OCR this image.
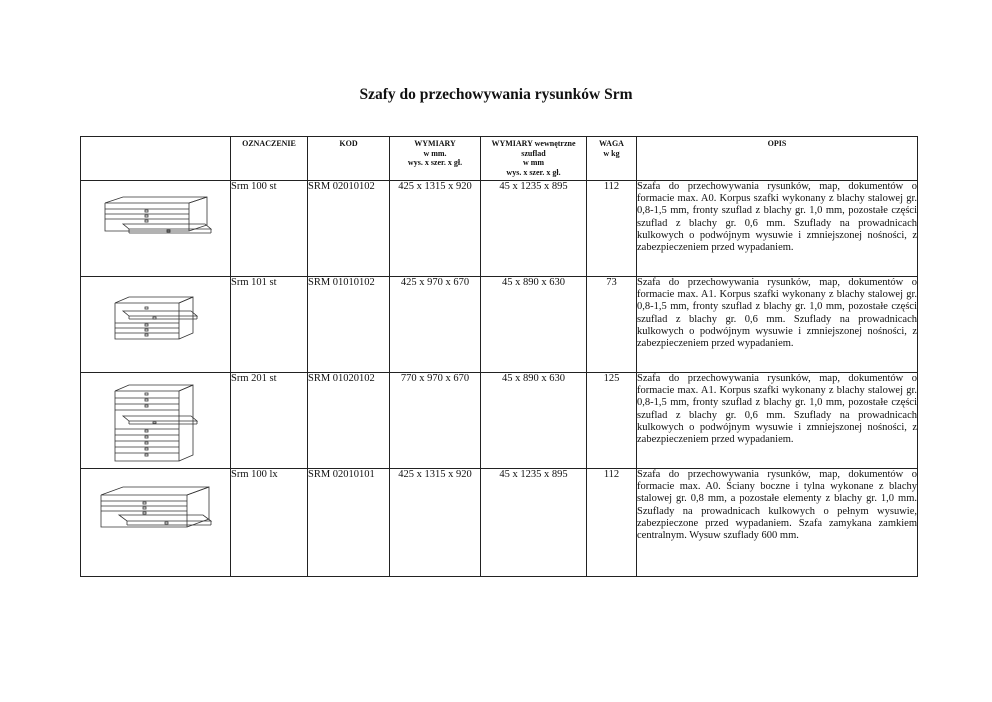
Szafy do przechowywania rysunków Srm
	OZNACZENIE	KOD	WYMIARY
w mm.
wys. x szer. x gł.	WYMIARY wewnętrzne
szuflad
w mm
wys. x szer. x gł.	WAGA
w kg	OPIS

	Srm 100 st	SRM 02010102	425 x 1315 x 920	45 x 1235 x 895	112	Szafa do przechowywania rysunków, map, dokumentów o formacie max. A0. Korpus szafki wykonany z blachy stalowej gr. 0,8-1,5 mm, fronty szuflad z blachy gr. 1,0 mm, pozostałe części szuflad z blachy gr. 0,6 mm. Szuflady na prowadnicach kulkowych o podwójnym wysuwie i zmniejszonej nośności, z zabezpieczeniem przed wypadaniem.

	Srm 101 st	SRM 01010102	425 x 970 x 670	45 x 890 x 630	73	Szafa do przechowywania rysunków, map, dokumentów o formacie max. A1. Korpus szafki wykonany z blachy stalowej gr. 0,8-1,5 mm, fronty szuflad z blachy gr. 1,0 mm, pozostałe części szuflad z blachy gr. 0,6 mm. Szuflady na prowadnicach kulkowych o podwójnym wysuwie i zmniejszonej nośności, z zabezpieczeniem przed wypadaniem.

	Srm 201 st	SRM 01020102	770 x 970 x 670	45 x 890 x 630	125	Szafa do przechowywania rysunków, map, dokumentów o formacie max. A1. Korpus szafki wykonany z blachy stalowej gr. 0,8-1,5 mm, fronty szuflad z blachy gr. 1,0 mm, pozostałe części szuflad z blachy gr. 0,6 mm. Szuflady na prowadnicach kulkowych o podwójnym wysuwie i zmniejszonej nośności, z zabezpieczeniem przed wypadaniem.

	Srm 100 lx	SRM 02010101	425 x 1315 x 920	45 x 1235 x 895	112	Szafa do przechowywania rysunków, map, dokumentów o formacie max. A0. Ściany boczne i tylna wykonane z blachy stalowej gr. 0,8 mm, a pozostałe elementy z blachy gr. 1,0 mm. Szuflady na prowadnicach kulkowych o pełnym wysuwie, zabezpieczone przed wypadaniem. Szafa zamykana zamkiem centralnym. Wysuw szuflady 600 mm.
